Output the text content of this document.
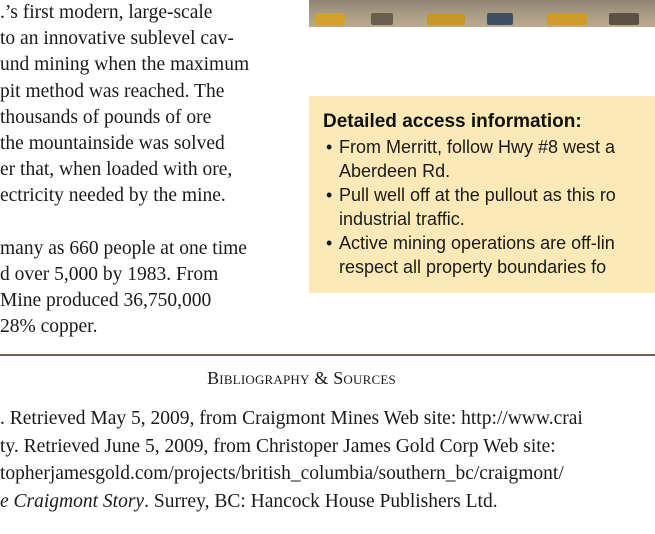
.’s first modern, large-scale
to an innovative sublevel cav-
und mining when the maximum
pit method was reached. The
thousands of pounds of ore
the mountainside was solved
er that, when loaded with ore,
ectricity needed by the mine.
many as 660 people at one time
d over 5,000 by 1983. From
Mine produced 36,750,000
28% copper.
Detailed access information:
• From Merritt, follow Hwy #8 west a
Aberdeen Rd.
• Pull well off at the pullout as this ro
industrial traffic.
• Active mining operations are off-lin
respect all property boundaries fo
Bibliography & Sources
. Retrieved May 5, 2009, from Craigmont Mines Web site: http://www.crai
ty. Retrieved June 5, 2009, from Christoper James Gold Corp Web site:
topherjamesgold.com/projects/british_columbia/southern_bc/craigmont/
e Craigmont Story. Surrey, BC: Hancock House Publishers Ltd.
